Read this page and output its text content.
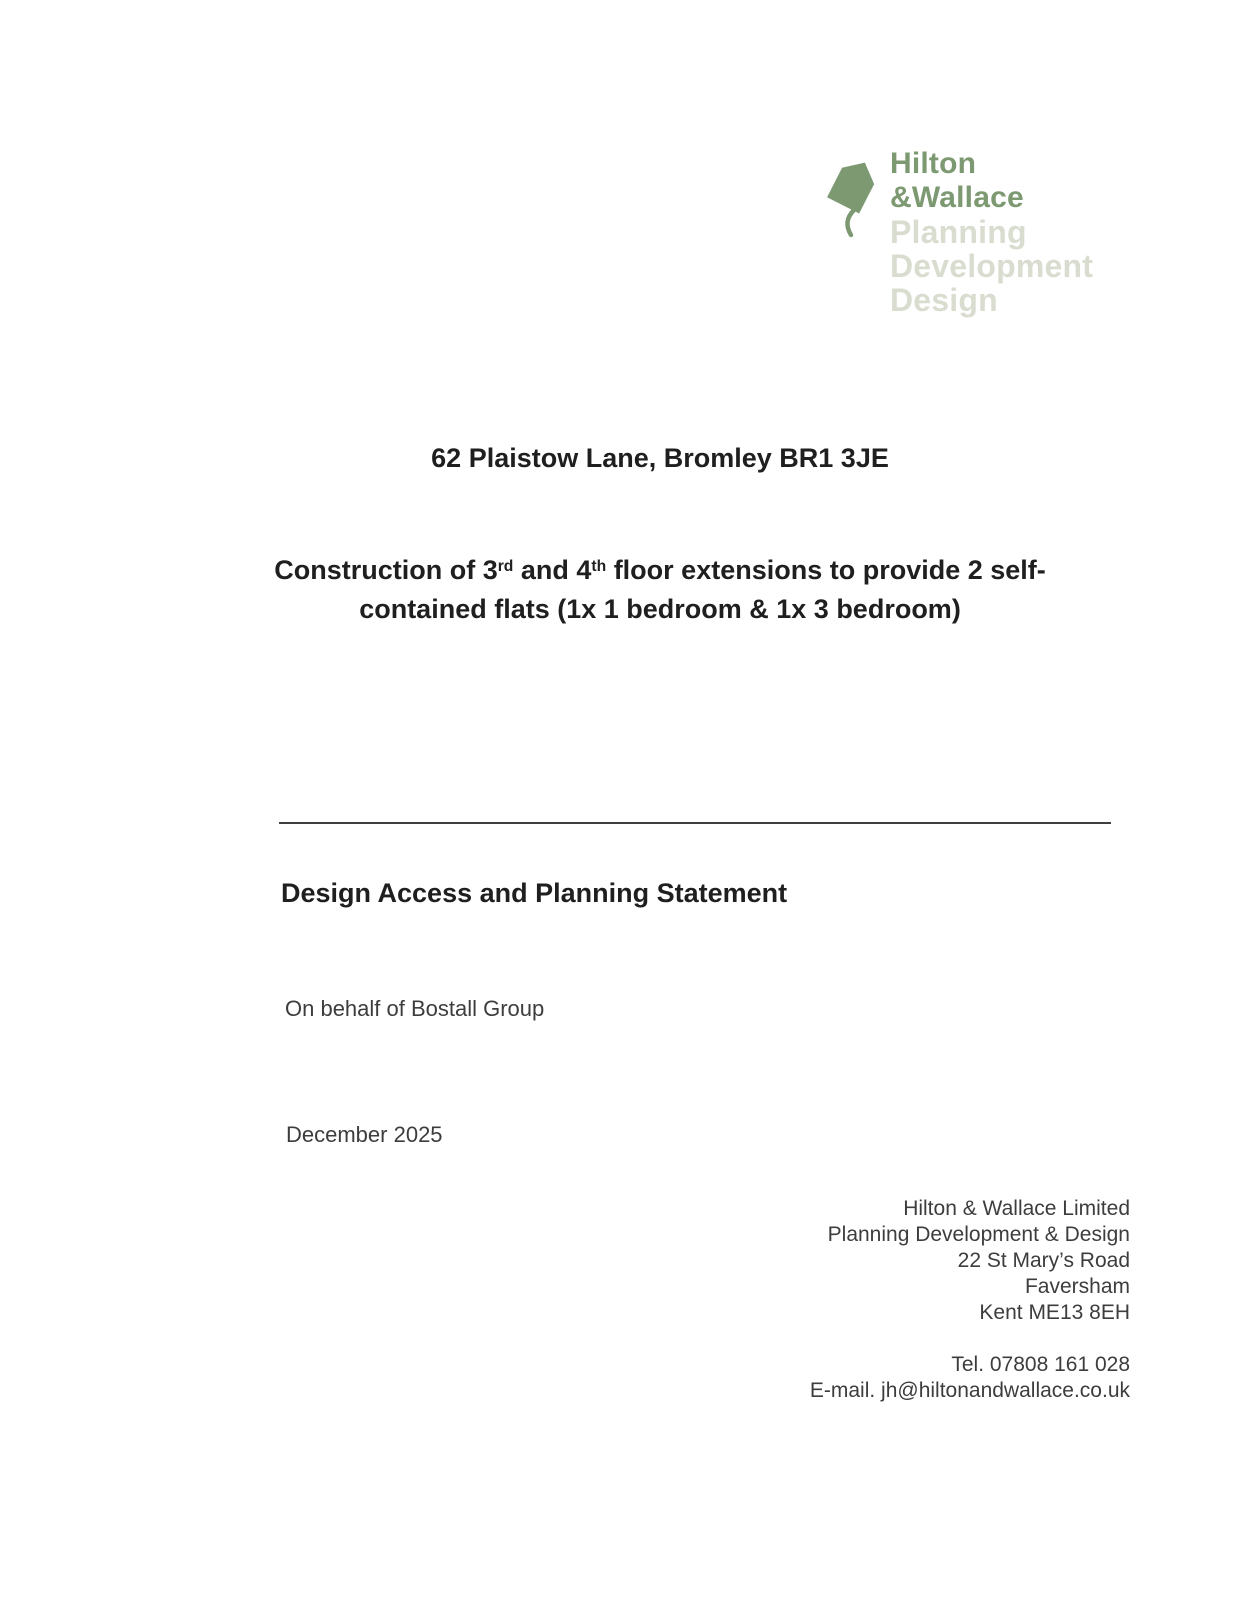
Hilton
&Wallace
Planning
Development
Design
62 Plaistow Lane, Bromley BR1 3JE
Construction of 3rd and 4th floor extensions to provide 2 self-
contained flats (1x 1 bedroom & 1x 3 bedroom)
Design Access and Planning Statement
On behalf of Bostall Group
December 2025
Hilton & Wallace Limited
Planning Development & Design
22 St Mary’s Road
Faversham
Kent ME13 8EH
Tel. 07808 161 028
E-mail. jh@hiltonandwallace.co.uk
